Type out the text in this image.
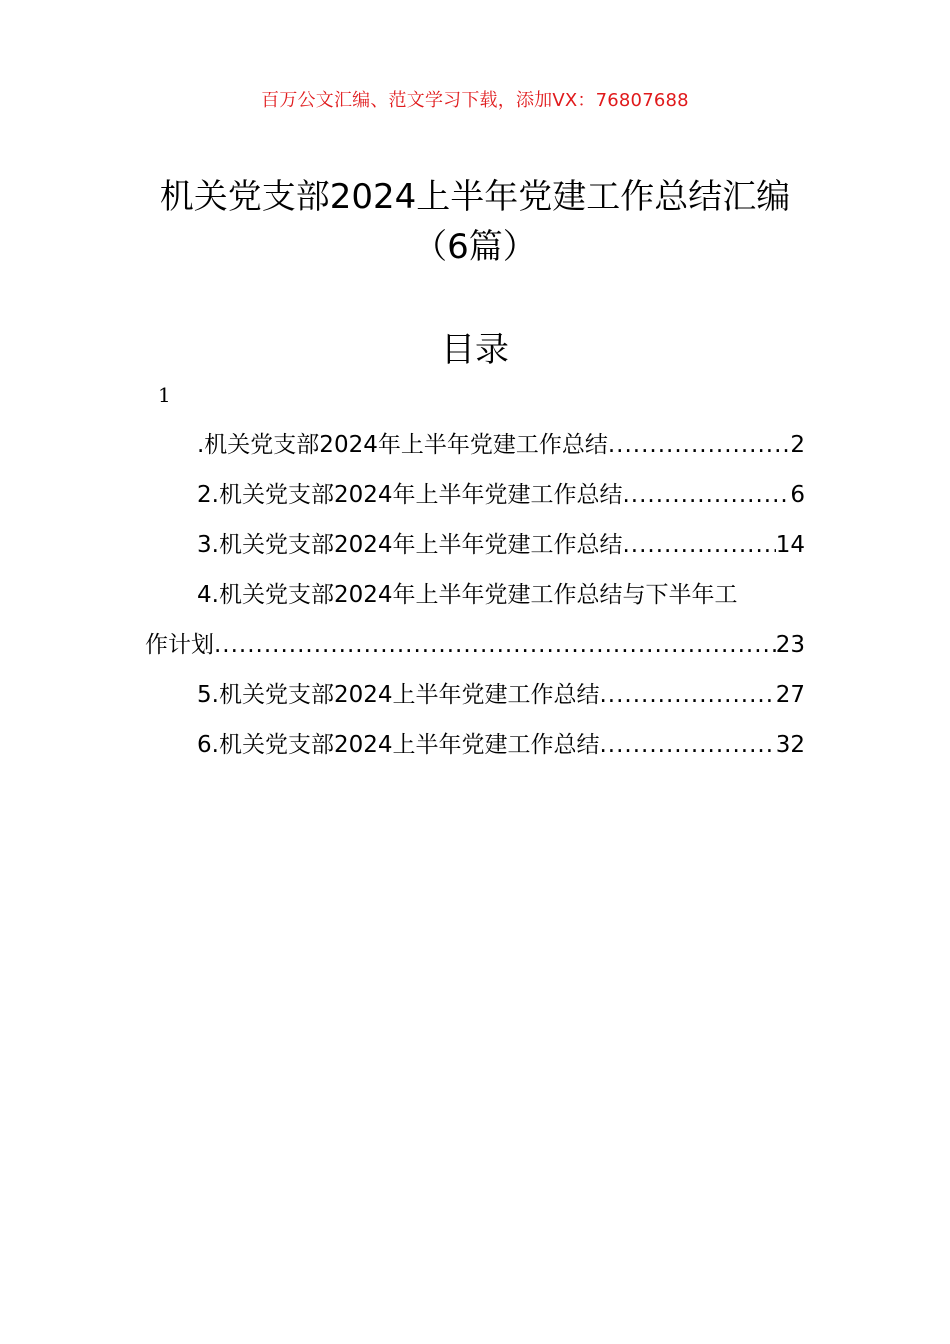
百万公文汇编、范文学习下载，添加VX：76807688
机关党支部2024上半年党建工作总结汇编
（6篇）
目录
1
.机关党支部2024年上半年党建工作总结 .....	2
2.机关党支部2024年上半年党建工作总结 .....	6
3.机关党支部2024年上半年党建工作总结 .....	14
4.机关党支部2024年上半年党建工作总结与下半年工
作计划 .....	23
5.机关党支部2024上半年党建工作总结 .....	27
6.机关党支部2024上半年党建工作总结 .....	32
